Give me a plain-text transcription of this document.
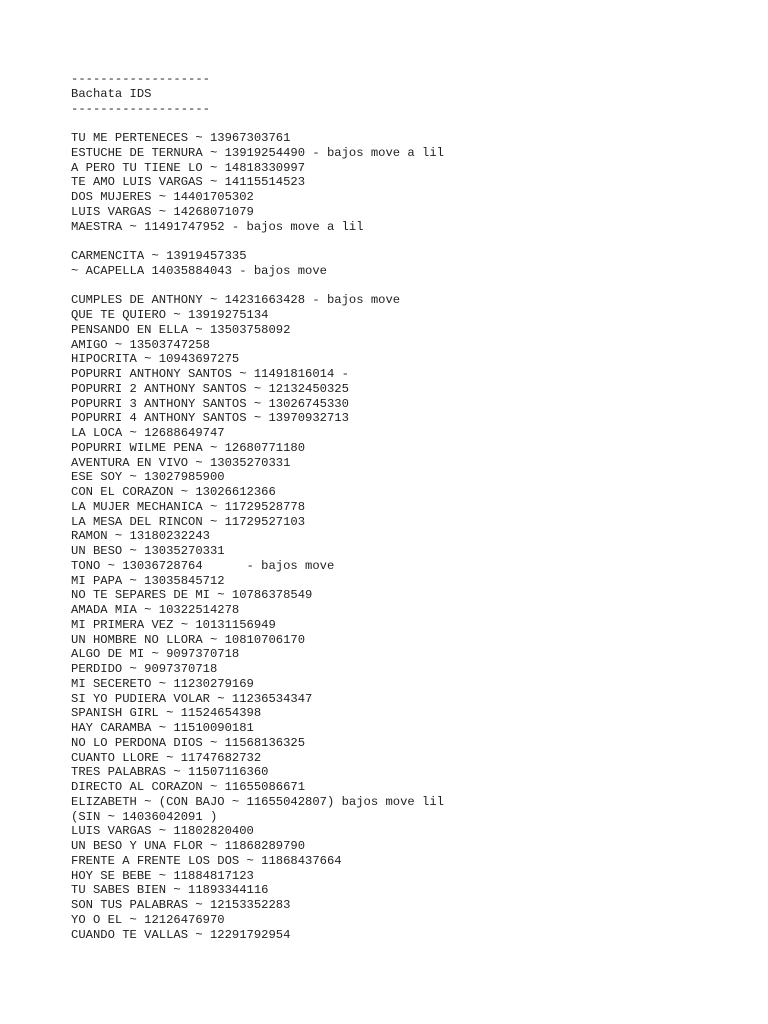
-------------------
Bachata IDS
-------------------
TU ME PERTENECES ~ 13967303761
ESTUCHE DE TERNURA ~ 13919254490 - bajos move a lil
A PERO TU TIENE LO ~ 14818330997
TE AMO LUIS VARGAS ~ 14115514523
DOS MUJERES ~ 14401705302
LUIS VARGAS ~ 14268071079
MAESTRA ~ 11491747952 - bajos move a lil
CARMENCITA ~ 13919457335
~ ACAPELLA 14035884043 - bajos move
CUMPLES DE ANTHONY ~ 14231663428 - bajos move
QUE TE QUIERO ~ 13919275134
PENSANDO EN ELLA ~ 13503758092
AMIGO ~ 13503747258
HIPOCRITA ~ 10943697275
POPURRI ANTHONY SANTOS ~ 11491816014 -
POPURRI 2 ANTHONY SANTOS ~ 12132450325
POPURRI 3 ANTHONY SANTOS ~ 13026745330
POPURRI 4 ANTHONY SANTOS ~ 13970932713
LA LOCA ~ 12688649747
POPURRI WILME PENA ~ 12680771180
AVENTURA EN VIVO ~ 13035270331
ESE SOY ~ 13027985900
CON EL CORAZON ~ 13026612366
LA MUJER MECHANICA ~ 11729528778
LA MESA DEL RINCON ~ 11729527103
RAMON ~ 13180232243
UN BESO ~ 13035270331
TONO ~ 13036728764      - bajos move
MI PAPA ~ 13035845712
NO TE SEPARES DE MI ~ 10786378549
AMADA MIA ~ 10322514278
MI PRIMERA VEZ ~ 10131156949
UN HOMBRE NO LLORA ~ 10810706170
ALGO DE MI ~ 9097370718
PERDIDO ~ 9097370718
MI SECERETO ~ 11230279169
SI YO PUDIERA VOLAR ~ 11236534347
SPANISH GIRL ~ 11524654398
HAY CARAMBA ~ 11510090181
NO LO PERDONA DIOS ~ 11568136325
CUANTO LLORE ~ 11747682732
TRES PALABRAS ~ 11507116360
DIRECTO AL CORAZON ~ 11655086671
ELIZABETH ~ (CON BAJO ~ 11655042807) bajos move lil
(SIN ~ 14036042091 )
LUIS VARGAS ~ 11802820400
UN BESO Y UNA FLOR ~ 11868289790
FRENTE A FRENTE LOS DOS ~ 11868437664
HOY SE BEBE ~ 11884817123
TU SABES BIEN ~ 11893344116
SON TUS PALABRAS ~ 12153352283
YO O EL ~ 12126476970
CUANDO TE VALLAS ~ 12291792954
